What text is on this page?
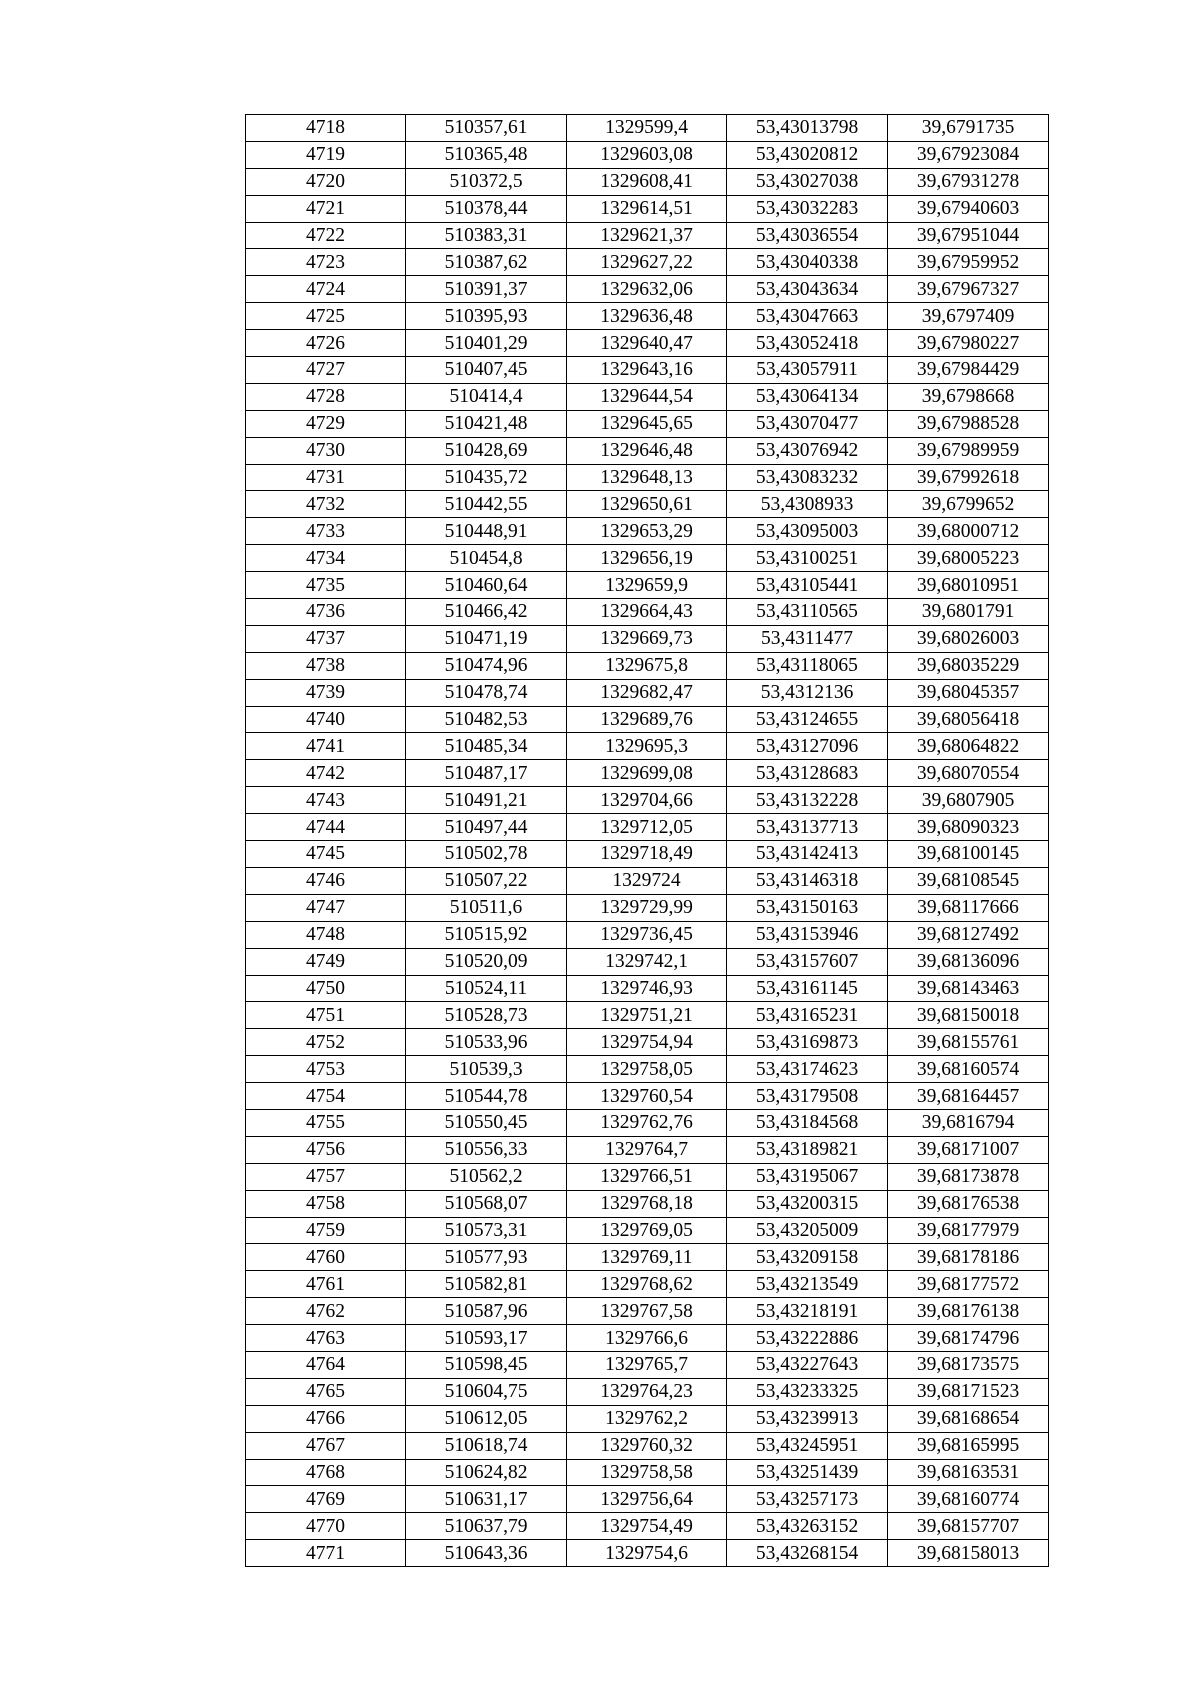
4718	510357,61	1329599,4	53,43013798	39,6791735
4719	510365,48	1329603,08	53,43020812	39,67923084
4720	510372,5	1329608,41	53,43027038	39,67931278
4721	510378,44	1329614,51	53,43032283	39,67940603
4722	510383,31	1329621,37	53,43036554	39,67951044
4723	510387,62	1329627,22	53,43040338	39,67959952
4724	510391,37	1329632,06	53,43043634	39,67967327
4725	510395,93	1329636,48	53,43047663	39,6797409
4726	510401,29	1329640,47	53,43052418	39,67980227
4727	510407,45	1329643,16	53,43057911	39,67984429
4728	510414,4	1329644,54	53,43064134	39,6798668
4729	510421,48	1329645,65	53,43070477	39,67988528
4730	510428,69	1329646,48	53,43076942	39,67989959
4731	510435,72	1329648,13	53,43083232	39,67992618
4732	510442,55	1329650,61	53,4308933	39,6799652
4733	510448,91	1329653,29	53,43095003	39,68000712
4734	510454,8	1329656,19	53,43100251	39,68005223
4735	510460,64	1329659,9	53,43105441	39,68010951
4736	510466,42	1329664,43	53,43110565	39,6801791
4737	510471,19	1329669,73	53,4311477	39,68026003
4738	510474,96	1329675,8	53,43118065	39,68035229
4739	510478,74	1329682,47	53,4312136	39,68045357
4740	510482,53	1329689,76	53,43124655	39,68056418
4741	510485,34	1329695,3	53,43127096	39,68064822
4742	510487,17	1329699,08	53,43128683	39,68070554
4743	510491,21	1329704,66	53,43132228	39,6807905
4744	510497,44	1329712,05	53,43137713	39,68090323
4745	510502,78	1329718,49	53,43142413	39,68100145
4746	510507,22	1329724	53,43146318	39,68108545
4747	510511,6	1329729,99	53,43150163	39,68117666
4748	510515,92	1329736,45	53,43153946	39,68127492
4749	510520,09	1329742,1	53,43157607	39,68136096
4750	510524,11	1329746,93	53,43161145	39,68143463
4751	510528,73	1329751,21	53,43165231	39,68150018
4752	510533,96	1329754,94	53,43169873	39,68155761
4753	510539,3	1329758,05	53,43174623	39,68160574
4754	510544,78	1329760,54	53,43179508	39,68164457
4755	510550,45	1329762,76	53,43184568	39,6816794
4756	510556,33	1329764,7	53,43189821	39,68171007
4757	510562,2	1329766,51	53,43195067	39,68173878
4758	510568,07	1329768,18	53,43200315	39,68176538
4759	510573,31	1329769,05	53,43205009	39,68177979
4760	510577,93	1329769,11	53,43209158	39,68178186
4761	510582,81	1329768,62	53,43213549	39,68177572
4762	510587,96	1329767,58	53,43218191	39,68176138
4763	510593,17	1329766,6	53,43222886	39,68174796
4764	510598,45	1329765,7	53,43227643	39,68173575
4765	510604,75	1329764,23	53,43233325	39,68171523
4766	510612,05	1329762,2	53,43239913	39,68168654
4767	510618,74	1329760,32	53,43245951	39,68165995
4768	510624,82	1329758,58	53,43251439	39,68163531
4769	510631,17	1329756,64	53,43257173	39,68160774
4770	510637,79	1329754,49	53,43263152	39,68157707
4771	510643,36	1329754,6	53,43268154	39,68158013
